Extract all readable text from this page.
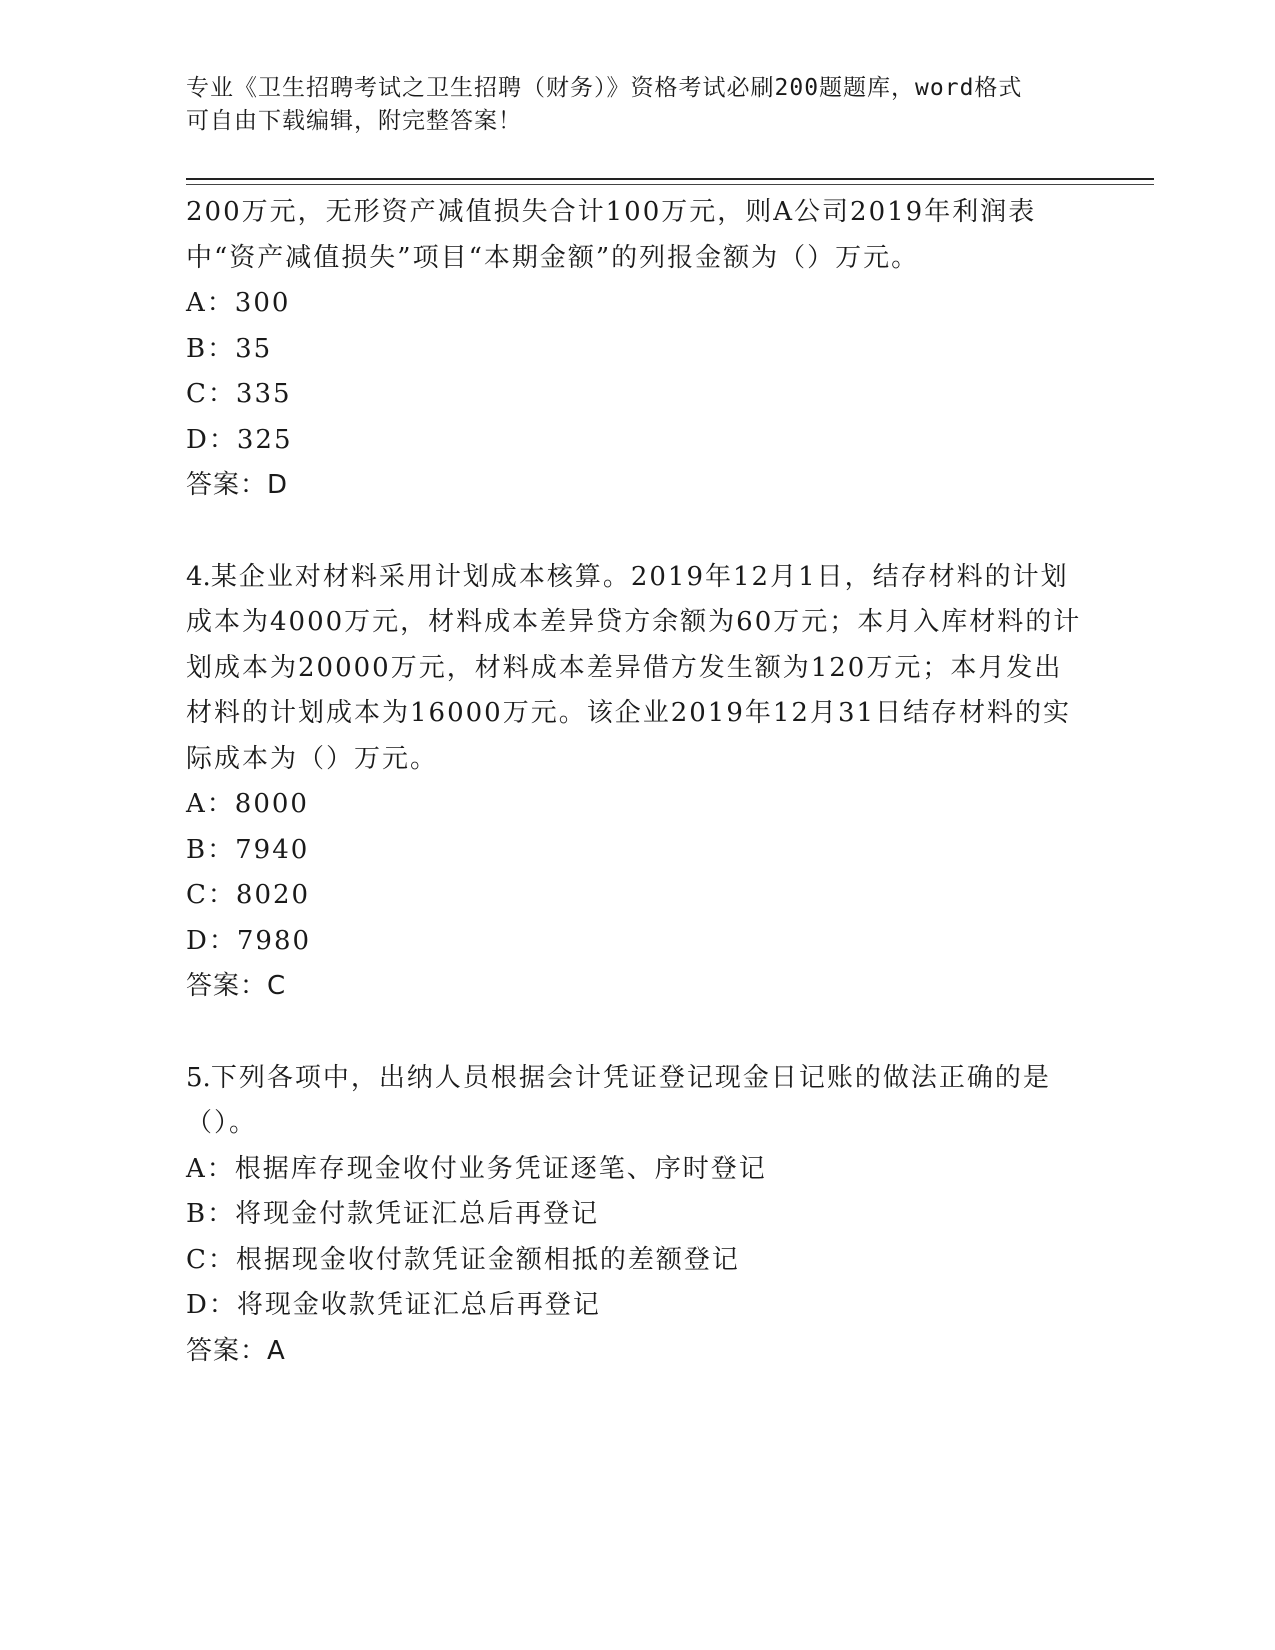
专业《卫生招聘考试之卫生招聘（财务）》资格考试必刷200题题库，word格式
可自由下载编辑，附完整答案！
200万元，无形资产减值损失合计100万元，则A公司2019年利润表中“资产减值损失”项目“本期金额”的列报金额为（）万元。
A：300
B：35
C：335
D：325
答案：D
4.某企业对材料采用计划成本核算。2019年12月1日，结存材料的计划成本为4000万元，材料成本差异贷方余额为60万元；本月入库材料的计划成本为20000万元，材料成本差异借方发生额为120万元；本月发出材料的计划成本为16000万元。该企业2019年12月31日结存材料的实际成本为（）万元。
A：8000
B：7940
C：8020
D：7980
答案：C
5.下列各项中，出纳人员根据会计凭证登记现金日记账的做法正确的是（）。
A：根据库存现金收付业务凭证逐笔、序时登记
B：将现金付款凭证汇总后再登记
C：根据现金收付款凭证金额相抵的差额登记
D：将现金收款凭证汇总后再登记
答案：A
